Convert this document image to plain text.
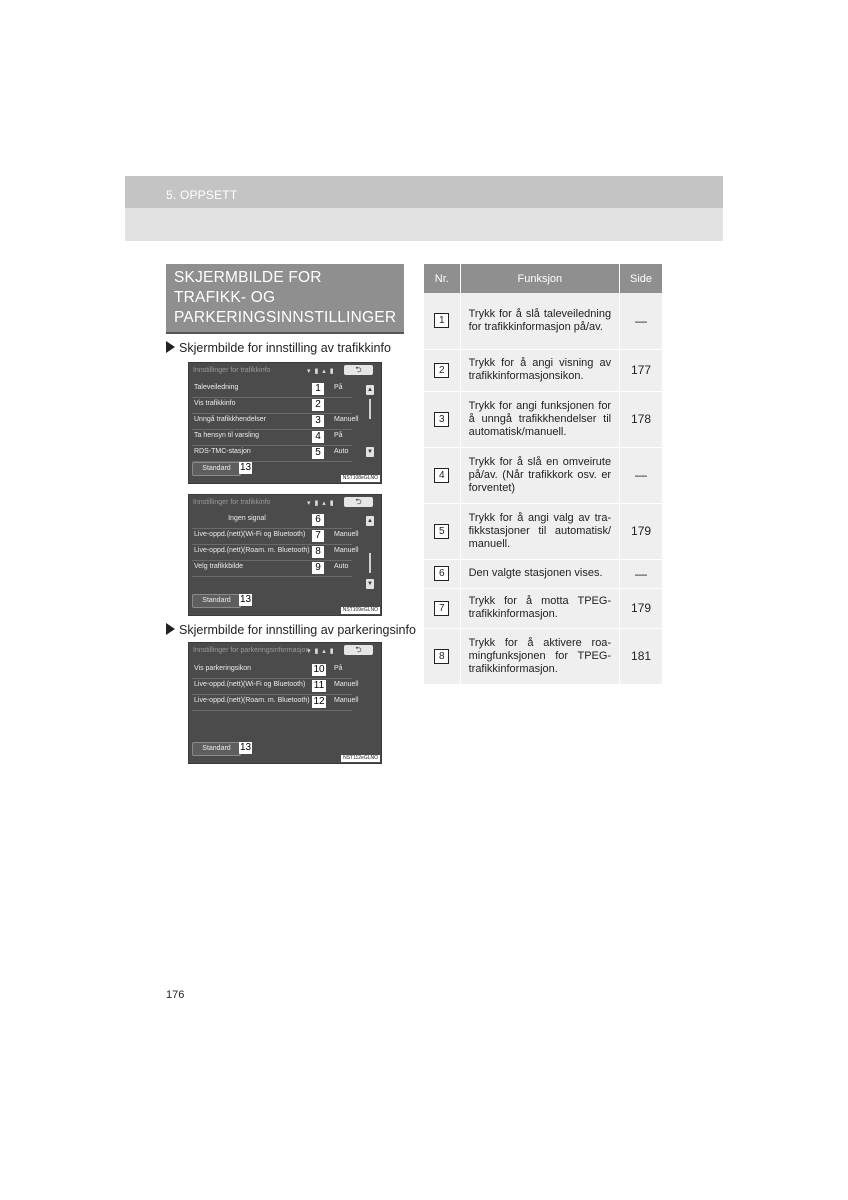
5. OPPSETT
SKJERMBILDE FOR
TRAFIKK- OG
PARKERINGSINNSTILLINGER
Skjermbilde for innstilling av trafikkinfo
Innstillinger for trafikkinfo	▾ ▮ ▴ ▮	⮌
Taleveiledning	1	På
Vis trafikkinfo	2
Unngå trafikkhendelser	3	Manuell
Ta hensyn til varsling	4	På
RDS-TMC-stasjon	5	Auto
▲
▼
Standard 13
NST108eGLNO
Innstillinger for trafikkinfo	▾ ▮ ▴ ▮	⮌
Ingen signal	6
Live-oppd.(nett)(Wi-Fi og Bluetooth) 7	Manuell
Live-oppd.(nett)(Roam. m. Bluetooth) 8	Manuell
Velg trafikkbilde	9	Auto
▲
▼
Standard 13
NST109eGLNO
Skjermbilde for innstilling av parkeringsinfo
Innstillinger for parkeringsinformasjon
▾ ▮ ▴ ▮	⮌
Vis parkeringsikon	10 På
Live-oppd.(nett)(Wi-Fi og Bluetooth) 11 Manuell
Live-oppd.(nett)(Roam. m. Bluetooth) 12 Manuell
Standard 13
NST112eGLNO
Nr.	Funksjon	Side
1	Trykk for å slå taleveiledning for trafikkinformasjon på/av.	—
2	Trykk for å angi visning av trafikkinformasjonsikon.	177
3	Trykk for angi funksjonen for å unngå trafikkhendelser til automatisk/manuell.	178
4	Trykk for å slå en omveirute på/av. (Når trafikkork osv. er forventet)	—
5	Trykk for å angi valg av trafikkstasjoner til automatisk/ manuell.	179
6	Den valgte stasjonen vises.	—
7	Trykk for å motta TPEG-trafikkinformasjon.	179
8	Trykk for å aktivere roamingfunksjonen for TPEG-trafikkinformasjon.	181
176
